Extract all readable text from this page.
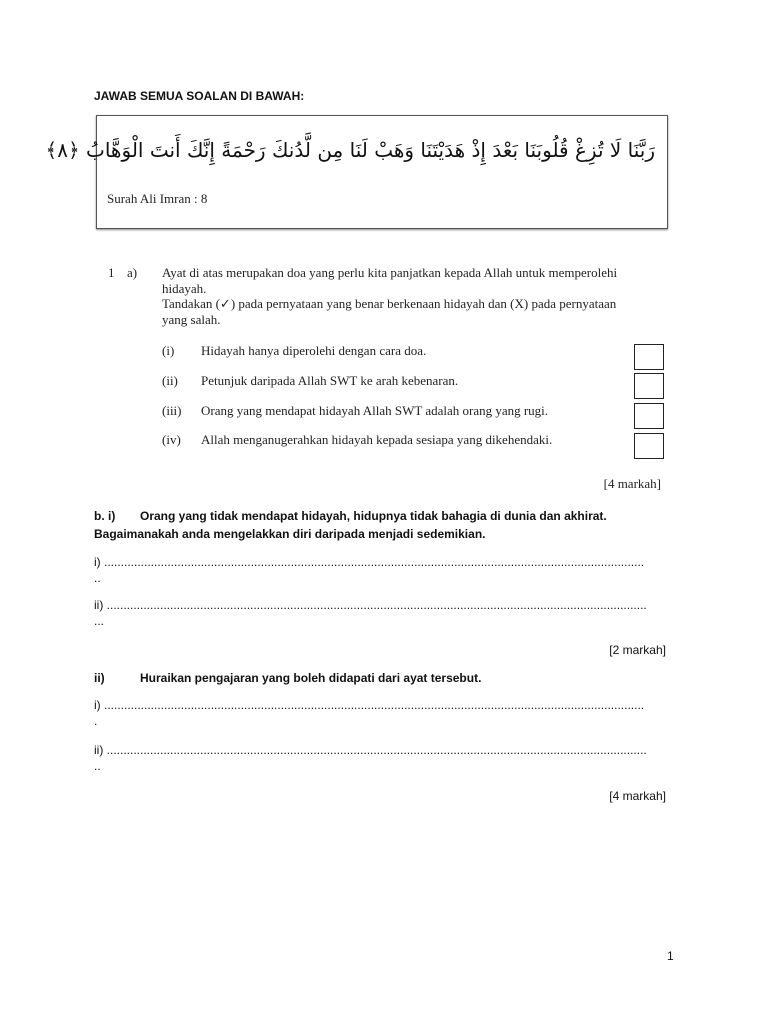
JAWAB SEMUA SOALAN DI BAWAH:
رَبَّنَا لَا تُزِغْ قُلُوبَنَا بَعْدَ إِذْ هَدَيْتَنَا وَهَبْ لَنَا مِن لَّدُنكَ رَحْمَةً إِنَّكَ أَنتَ الْوَهَّابُ ﴿٨﴾
Surah Ali Imran : 8
1 a) Ayat di atas merupakan doa yang perlu kita panjatkan kepada Allah untuk memperolehi
hidayah.
Tandakan (✓) pada pernyataan yang benar berkenaan hidayah dan (X) pada pernyataan
yang salah.
(i) Hidayah hanya diperolehi dengan cara doa.
(ii) Petunjuk daripada Allah SWT ke arah kebenaran.
(iii) Orang yang mendapat hidayah Allah SWT adalah orang yang rugi.
(iv) Allah menganugerahkan hidayah kepada sesiapa yang dikehendaki.
[4 markah]
b. i) Orang yang tidak mendapat hidayah, hidupnya tidak bahagia di dunia dan akhirat.
Bagaimanakah anda mengelakkan diri daripada menjadi sedemikian.
i) ..................................................................................................................................................................
..
ii) ..................................................................................................................................................................
...
[2 markah]
ii)	Huraikan pengajaran yang boleh didapati dari ayat tersebut.
i) ..................................................................................................................................................................
.
ii) ..................................................................................................................................................................
..
[4 markah]
1
